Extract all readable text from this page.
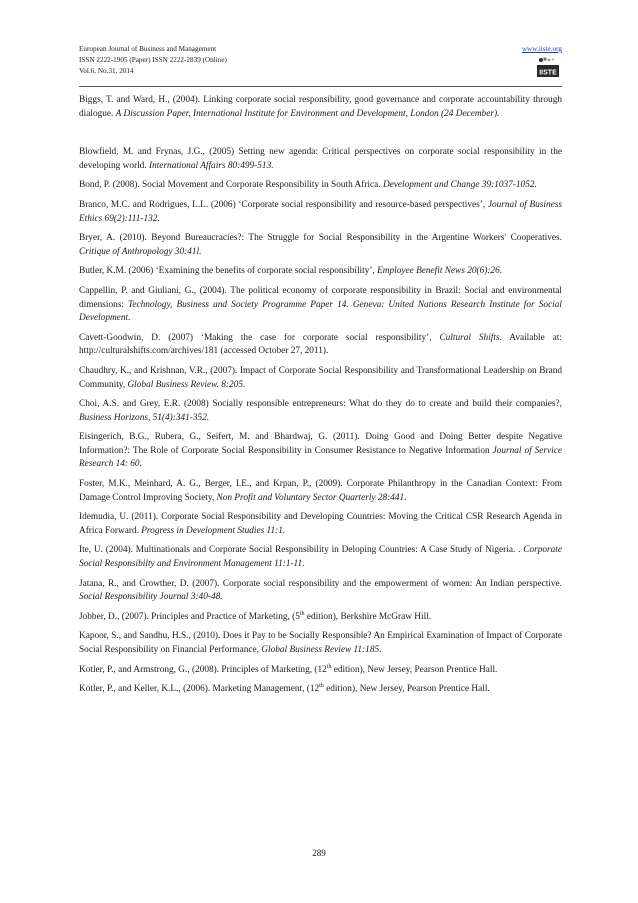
European Journal of Business and Management
ISSN 2222-1905 (Paper) ISSN 2222-2839 (Online)
Vol.6, No.31, 2014
www.iiste.org
IISTE

Biggs, T. and Ward, H., (2004). Linking corporate social responsibility, good governance and corporate accountability through dialogue. A Discussion Paper, International Institute for Environment and Development, London (24 December).

Blowfield, M. and Frynas, J.G., (2005) Setting new agenda: Critical perspectives on corporate social responsibility in the developing world. International Affairs 80:499-513.

Bond, P. (2008). Social Movement and Corporate Responsibility in South Africa. Development and Change 39:1037-1052.

Branco, M.C. and Rodrigues, L.L. (2006) ‘Corporate social responsibility and resource-based perspectives’, Journal of Business Ethics 69(2):111-132.

Bryer, A. (2010). Beyond Bureaucracies?: The Struggle for Social Responsibility in the Argentine Workers' Cooperatives. Critique of Anthropology 30:41l.

Butler, K.M. (2006) ‘Examining the benefits of corporate social responsibility’, Employee Benefit News 20(6):26.

Cappellin, P. and Giuliani, G., (2004). The political economy of corporate responsibility in Brazil: Social and environmental dimensions: Technology, Business and Society Programme Paper 14. Geneva: United Nations Research Institute for Social Development.

Cavett-Goodwin, D. (2007) ‘Making the case for corporate social responsibility’, Cultural Shifts. Available at: http://culturalshifts.com/archives/181 (accessed October 27, 2011).

Chaudhry, K., and Krishnan, V.R., (2007). Impact of Corporate Social Responsibility and Transformational Leadership on Brand Community, Global Business Review. 8:205.

Choi, A.S. and Grey, E.R. (2008) Socially responsible entrepreneurs: What do they do to create and build their companies?, Business Horizons, 51(4):341-352.

Eisingerich, B.G., Rubera, G., Seifert, M. and Bhardwaj, G. (2011). Doing Good and Doing Better despite Negative Information?: The Role of Corporate Social Responsibility in Consumer Resistance to Negative Information Journal of Service Research 14: 60.

Foster, M.K., Meinhard, A. G., Berger, I.E., and Krpan, P., (2009). Corporate Philanthropy in the Canadian Context: From Damage Control Improving Society, Non Profit and Voluntary Sector Quarterly 28:441.

Idemudia, U. (2011). Corporate Social Responsibility and Developing Countries: Moving the Critical CSR Research Agenda in Africa Forward. Progress in Development Studies 11:1.

Ite, U. (2004). Multinationals and Corporate Social Responsibility in Deloping Countries: A Case Study of Nigeria. . Corporate Social Responsibilty and Environment Management 11:1-11.

Jatana, R., and Crowther, D. (2007). Corporate social responsibility and the empowerment of women: An Indian perspective. Social Responsibility Journal 3:40-48.

Jobber, D., (2007). Principles and Practice of Marketing, (5th edition), Berkshire McGraw Hill.

Kapoor, S., and Sandhu, H.S., (2010). Does it Pay to be Socially Responsible? An Empirical Examination of Impact of Corporate Social Responsibility on Financial Performance, Global Business Review 11:185.

Kotler, P., and Armstrong, G., (2008). Principles of Marketing, (12th edition), New Jersey, Pearson Prentice Hall.

Kotler, P., and Keller, K.L., (2006). Marketing Management, (12th edition), New Jersey, Pearson Prentice Hall.

289
